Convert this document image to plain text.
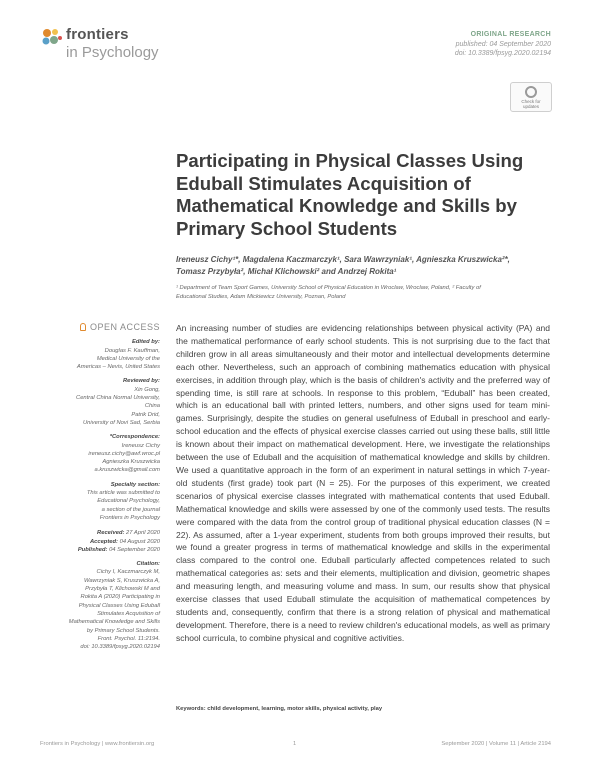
frontiers
in Psychology
ORIGINAL RESEARCH
published: 04 September 2020
doi: 10.3389/fpsyg.2020.02194
Check for
updates
Participating in Physical Classes Using Eduball Stimulates Acquisition of Mathematical Knowledge and Skills by Primary School Students
Ireneusz Cichy¹*, Magdalena Kaczmarczyk¹, Sara Wawrzyniak¹, Agnieszka Kruszwicka²*,
Tomasz Przybyła², Michał Klichowski² and Andrzej Rokita¹
¹ Department of Team Sport Games, University School of Physical Education in Wroclaw, Wroclaw, Poland, ² Faculty of
Educational Studies, Adam Mickiewicz University, Poznan, Poland
OPEN ACCESS
Edited by:
Douglas F. Kauffman,
Medical University of the
Americas – Nevis, United States
Reviewed by:
Xin Gong,
Central China Normal University,
China
Patrik Drid,
University of Novi Sad, Serbia
*Correspondence:
Ireneusz Cichy
ireneusz.cichy@awf.wroc.pl
Agnieszka Kruszwicka
a.kruszwicka@gmail.com
Specialty section:
This article was submitted to
Educational Psychology,
a section of the journal
Frontiers in Psychology
Received: 27 April 2020
Accepted: 04 August 2020
Published: 04 September 2020
Citation:
Cichy I, Kaczmarczyk M,
Wawrzyniak S, Kruszwicka A,
Przybyła T, Klichowski M and
Rokita A (2020) Participating in
Physical Classes Using Eduball
Stimulates Acquisition of
Mathematical Knowledge and Skills
by Primary School Students.
Front. Psychol. 11:2194.
doi: 10.3389/fpsyg.2020.02194

An increasing number of studies are evidencing relationships between physical activity (PA) and the mathematical performance of early school students. This is not surprising due to the fact that children grow in all areas simultaneously and their motor and intellectual developments determine each other. Nevertheless, such an approach of combining mathematics education with physical exercises, in addition through play, which is the basis of children's activity and the preferred way of spending time, is still rare at schools. In response to this problem, “Eduball” has been created, which is an educational ball with printed letters, numbers, and other signs used for team mini-games. Surprisingly, despite the studies on general usefulness of Eduball in preschool and early-school education and the effects of physical exercise classes carried out using these balls, still little is known about their impact on mathematical development. Here, we investigate the relationships between the use of Eduball and the acquisition of mathematical knowledge and skills by children. We used a quantitative approach in the form of an experiment in natural settings in which 7-year-old students (first grade) took part (N = 25). For the purposes of this experiment, we created scenarios of physical exercise classes integrated with mathematical contents that used Eduball. Mathematical knowledge and skills were assessed by one of the commonly used tests. The results were compared with the data from the control group of traditional physical education classes (N = 22). As assumed, after a 1-year experiment, students from both groups improved their results, but we found a greater progress in terms of mathematical knowledge and skills in the experimental class compared to the control one. Eduball particularly affected competences related to such mathematical categories as: sets and their elements, multiplication and division, geometric shapes and measuring length, and measuring volume and mass. In sum, our results show that physical exercise classes that used Eduball stimulate the acquisition of mathematical competences by students and, consequently, confirm that there is a strong relation of physical and mathematical development. Therefore, there is a need to review children's educational models, as well as primary school curricula, to combine physical and cognitive activities.

Keywords: child development, learning, motor skills, physical activity, play
Frontiers in Psychology | www.frontiersin.org	1	September 2020 | Volume 11 | Article 2194
